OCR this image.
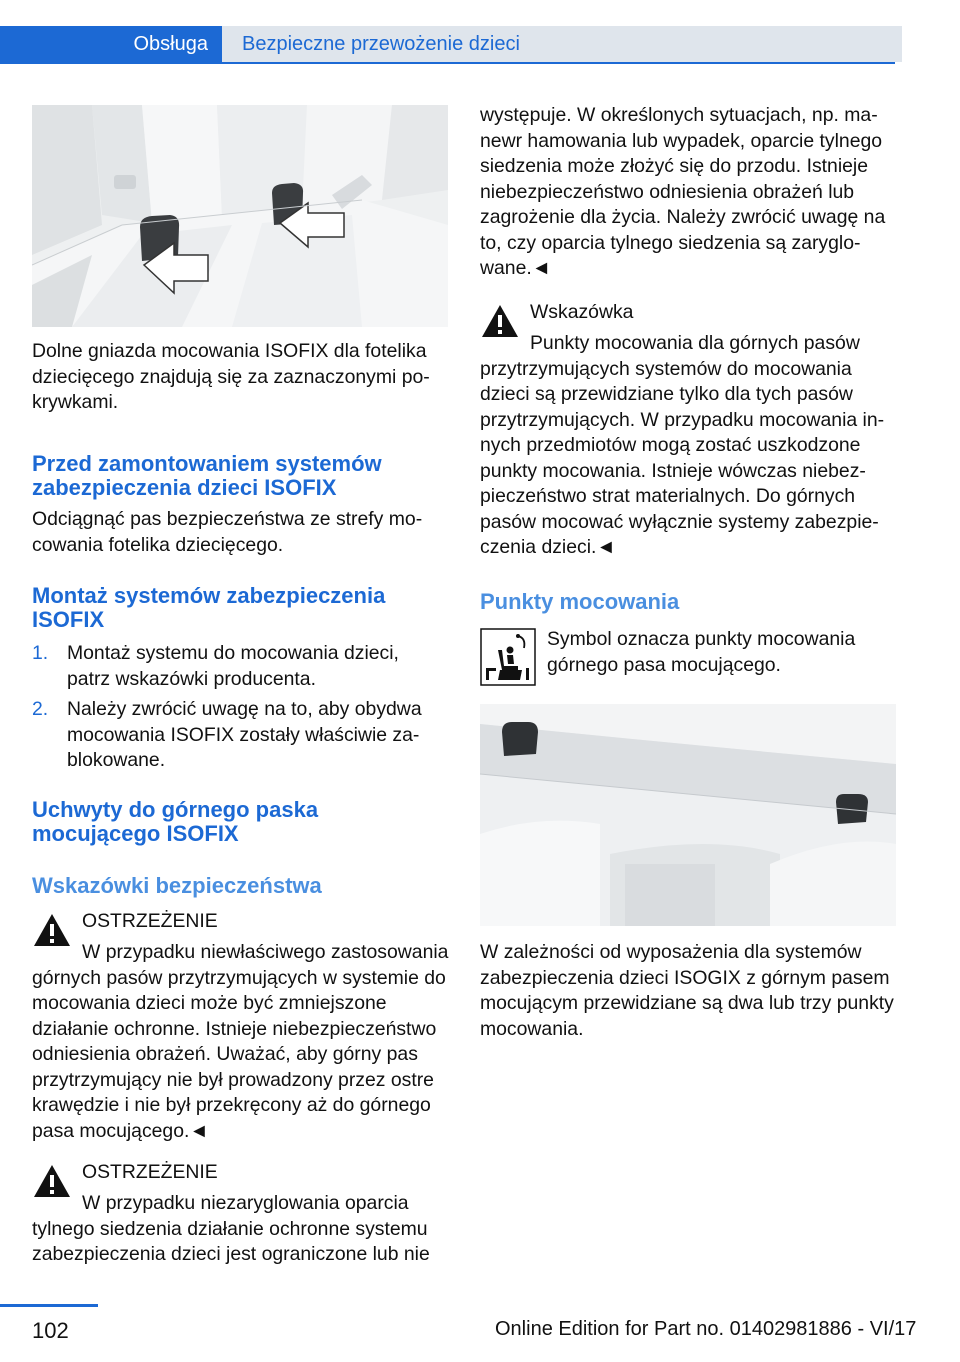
Obsługa	Bezpieczne przewożenie dzieci

Dolne gniazda mocowania ISOFIX dla fotelika dziecięcego znajdują się za zaznaczonymi pokrywkami.

Przed zamontowaniem systemów zabezpieczenia dzieci ISOFIX

Odciągnąć pas bezpieczeństwa ze strefy mocowania fotelika dziecięcego.

Montaż systemów zabezpieczenia ISOFIX
1. Montaż systemu do mocowania dzieci, patrz wskazówki producenta.

2. Należy zwrócić uwagę na to, aby obydwa mocowania ISOFIX zostały właściwie zablokowane.

Uchwyty do górnego paska mocującego ISOFIX
Wskazówki bezpieczeństwa
OSTRZEŻENIE

W przypadku niewłaściwego zastosowania górnych pasów przytrzymujących w systemie do mocowania dzieci może być zmniejszone działanie ochronne. Istnieje niebezpieczeństwo odniesienia obrażeń. Uważać, aby górny pas przytrzymujący nie był prowadzony przez ostre krawędzie i nie był przekręcony aż do górnego pasa mocującego.◄

OSTRZEŻENIE

W przypadku niezaryglowania oparcia tylnego siedzenia działanie ochronne systemu zabezpieczenia dzieci jest ograniczone lub nie

występuje. W określonych sytuacjach, np. manewr hamowania lub wypadek, oparcie tylnego siedzenia może złożyć się do przodu. Istnieje niebezpieczeństwo odniesienia obrażeń lub zagrożenie dla życia. Należy zwrócić uwagę na to, czy oparcia tylnego siedzenia są zaryglowane.◄

Wskazówka

Punkty mocowania dla górnych pasów przytrzymujących systemów do mocowania dzieci są przewidziane tylko dla tych pasów przytrzymujących. W przypadku mocowania innych przedmiotów mogą zostać uszkodzone punkty mocowania. Istnieje wówczas niebezpieczeństwo strat materialnych. Do górnych pasów mocować wyłącznie systemy zabezpieczenia dzieci.◄

Punkty mocowania

Symbol oznacza punkty mocowania górnego pasa mocującego.

W zależności od wyposażenia dla systemów zabezpieczenia dzieci ISOGIX z górnym pasem mocującym przewidziane są dwa lub trzy punkty mocowania.

102	Online Edition for Part no. 01402981886 - VI/17
